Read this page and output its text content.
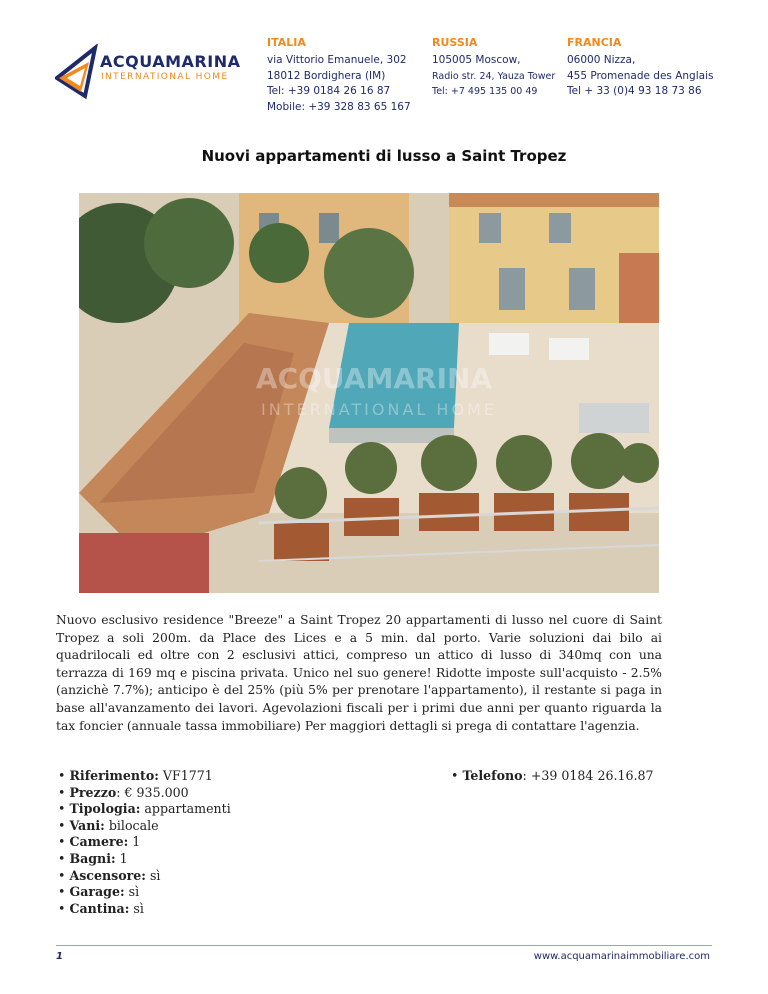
ACQUAMARINA
INTERNATIONAL HOME
ITALIA
via Vittorio Emanuele, 302
18012 Bordighera (IM)
Tel: +39 0184 26 16 87
Mobile: +39 328 83 65 167
RUSSIA
105005 Moscow,
Radio str. 24, Yauza Tower
Tel: +7 495 135 00 49
FRANCIA
06000 Nizza,
455 Promenade des Anglais
Tel + 33 (0)4 93 18 73 86
Nuovi appartamenti di lusso a Saint Tropez
ACQUAMARINA
INTERNATIONAL HOME
Nuovo esclusivo residence "Breeze" a Saint Tropez 20 appartamenti di lusso nel cuore di Saint Tropez a soli 200m. da Place des Lices e a 5 min. dal porto. Varie soluzioni dai bilo ai quadrilocali ed oltre con 2 esclusivi attici, compreso un attico di lusso di 340mq con una terrazza di 169 mq e piscina privata. Unico nel suo genere! Ridotte imposte sull'acquisto - 2.5% (anzichè 7.7%); anticipo è del 25% (più 5% per prenotare l'appartamento), il restante si paga in base all'avanzamento dei lavori. Agevolazioni fiscali per i primi due anni per quanto riguarda la tax foncier (annuale tassa immobiliare) Per maggiori dettagli si prega di contattare l'agenzia.
• Riferimento: VF1771
• Prezzo: € 935.000
• Tipologia: appartamenti
• Vani: bilocale
• Camere: 1
• Bagni: 1
• Ascensore: sì
• Garage: sì
• Cantina: sì
• Telefono: +39 0184 26.16.87
1	www.acquamarinaimmobiliare.com
